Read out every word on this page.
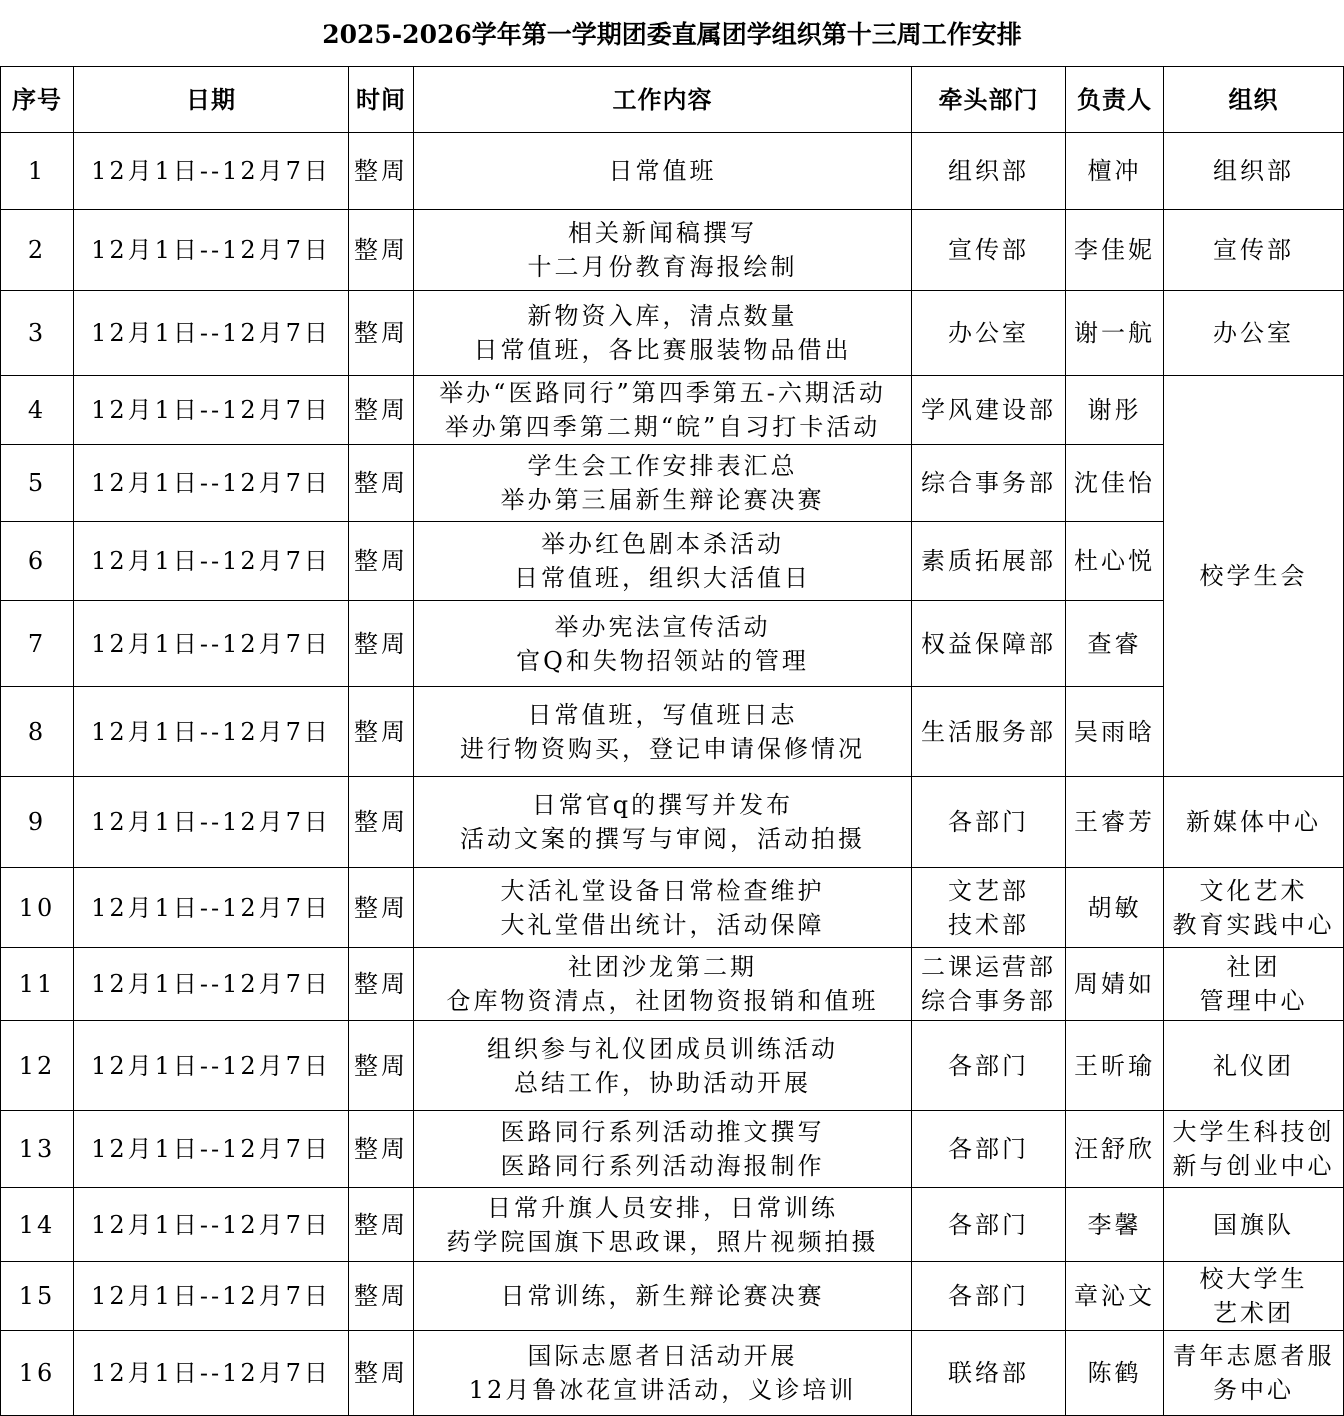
2025-2026学年第一学期团委直属团学组织第十三周工作安排
序号	日期	时间	工作内容	牵头部门	负责人	组织
1	12月1日--12月7日	整周	日常值班	组织部	檀冲	组织部

2	12月1日--12月7日	整周	相关新闻稿撰写
十二月份教育海报绘制	宣传部	李佳妮	宣传部

3	12月1日--12月7日	整周	新物资入库，清点数量
日常值班，各比赛服装物品借出	办公室	谢一航	办公室

4	12月1日--12月7日	整周	举办“医路同行”第四季第五-六期活动
举办第四季第二期“皖”自习打卡活动	学风建设部	谢彤	校学生会

5	12月1日--12月7日	整周	学生会工作安排表汇总
举办第三届新生辩论赛决赛	综合事务部	沈佳怡	
6	12月1日--12月7日	整周	举办红色剧本杀活动
日常值班，组织大活值日	素质拓展部	杜心悦	
7	12月1日--12月7日	整周	举办宪法宣传活动
官Q和失物招领站的管理	权益保障部	查睿	
8	12月1日--12月7日	整周	日常值班，写值班日志
进行物资购买，登记申请保修情况	生活服务部	吴雨晗	
9	12月1日--12月7日	整周	日常官q的撰写并发布
活动文案的撰写与审阅，活动拍摄	各部门	王睿芳	新媒体中心

10	12月1日--12月7日	整周	大活礼堂设备日常检查维护
大礼堂借出统计，活动保障	文艺部
技术部	胡敏	文化艺术
教育实践中心

11	12月1日--12月7日	整周	社团沙龙第二期
仓库物资清点，社团物资报销和值班	二课运营部
综合事务部	周婧如	社团
管理中心

12	12月1日--12月7日	整周	组织参与礼仪团成员训练活动
总结工作，协助活动开展	各部门	王昕瑜	礼仪团

13	12月1日--12月7日	整周	医路同行系列活动推文撰写
医路同行系列活动海报制作	各部门	汪舒欣	大学生科技创
新与创业中心

14	12月1日--12月7日	整周	日常升旗人员安排，日常训练
药学院国旗下思政课，照片视频拍摄	各部门	李馨	国旗队

15	12月1日--12月7日	整周	日常训练，新生辩论赛决赛	各部门	章沁文	校大学生
艺术团

16	12月1日--12月7日	整周	国际志愿者日活动开展
12月鲁冰花宣讲活动，义诊培训	联络部	陈鹤	青年志愿者服
务中心
